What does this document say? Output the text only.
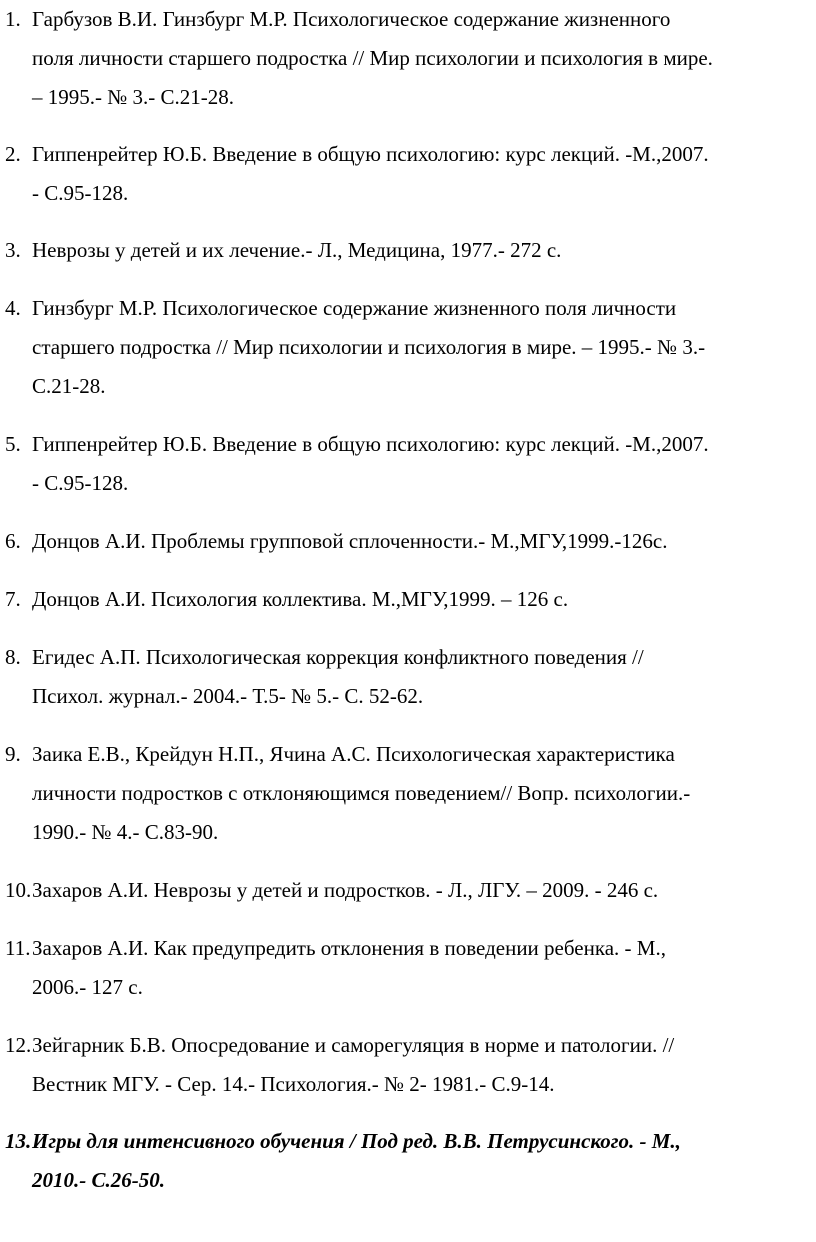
1. Гарбузов В.И. Гинзбург М.Р. Психологическое содержание жизненного
поля личности старшего подростка // Мир психологии и психология в мире.
– 1995.- № 3.- С.21-28.
2. Гиппенрейтер Ю.Б. Введение в общую психологию: курс лекций. -М.,2007.
- С.95-128.
3. Неврозы у детей и их лечение.- Л., Медицина, 1977.- 272 с.
4. Гинзбург М.Р. Психологическое содержание жизненного поля личности
старшего подростка // Мир психологии и психология в мире. – 1995.- № 3.-
С.21-28.
5. Гиппенрейтер Ю.Б. Введение в общую психологию: курс лекций. -М.,2007.
- С.95-128.
6. Донцов А.И. Проблемы групповой сплоченности.- М.,МГУ,1999.-126с.
7. Донцов А.И. Психология коллектива. М.,МГУ,1999. – 126 с.
8. Егидес А.П. Психологическая коррекция конфликтного поведения //
Психол. журнал.- 2004.- Т.5- № 5.- С. 52-62.
9. Заика Е.В., Крейдун Н.П., Ячина А.С. Психологическая характеристика
личности подростков с отклоняющимся поведением// Вопр. психологии.-
1990.- № 4.- С.83-90.
10. Захаров А.И. Неврозы у детей и подростков. - Л., ЛГУ. – 2009. - 246 с.
11. Захаров А.И. Как предупредить отклонения в поведении ребенка. - М.,
2006.- 127 с.
12. Зейгарник Б.В. Опосредование и саморегуляция в норме и патологии. //
Вестник МГУ. - Сер. 14.- Психология.- № 2- 1981.- С.9-14.
13. Игры для интенсивного обучения / Под ред. В.В. Петрусинского. - М.,
2010.- С.26-50.
